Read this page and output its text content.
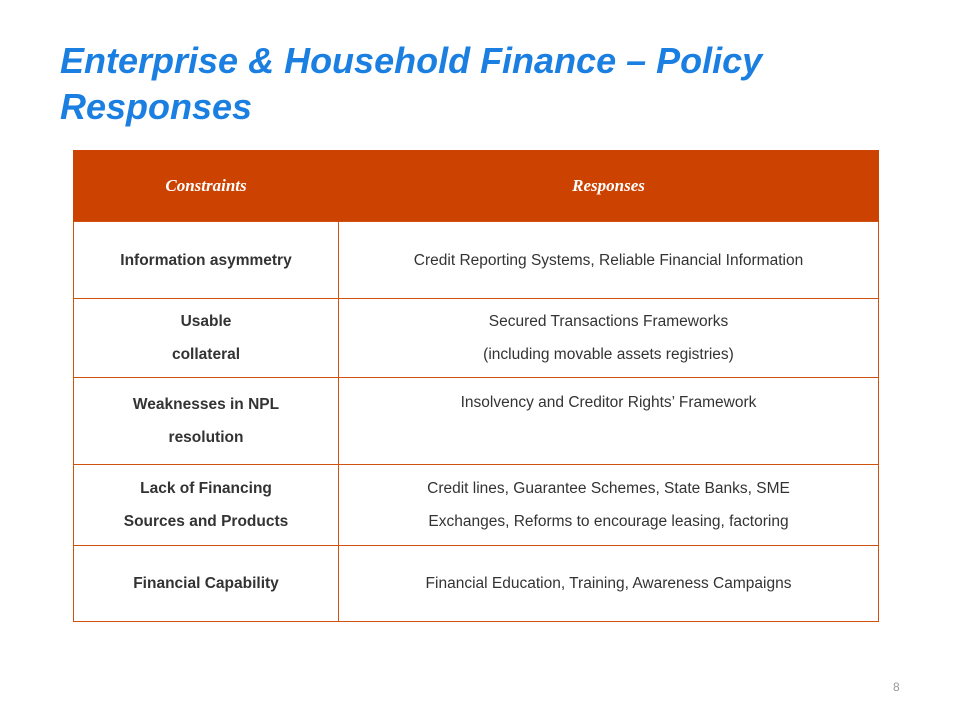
Enterprise & Household Finance – Policy Responses
Constraints	Responses

Information asymmetry	Credit Reporting Systems, Reliable Financial Information

Usable
collateral	Secured Transactions Frameworks
(including movable assets registries)

Weaknesses in NPL
resolution	Insolvency and Creditor Rights’ Framework

Lack of Financing
Sources and Products	Credit lines, Guarantee Schemes, State Banks, SME
Exchanges, Reforms to encourage leasing, factoring

Financial Capability	Financial Education, Training, Awareness Campaigns
8
